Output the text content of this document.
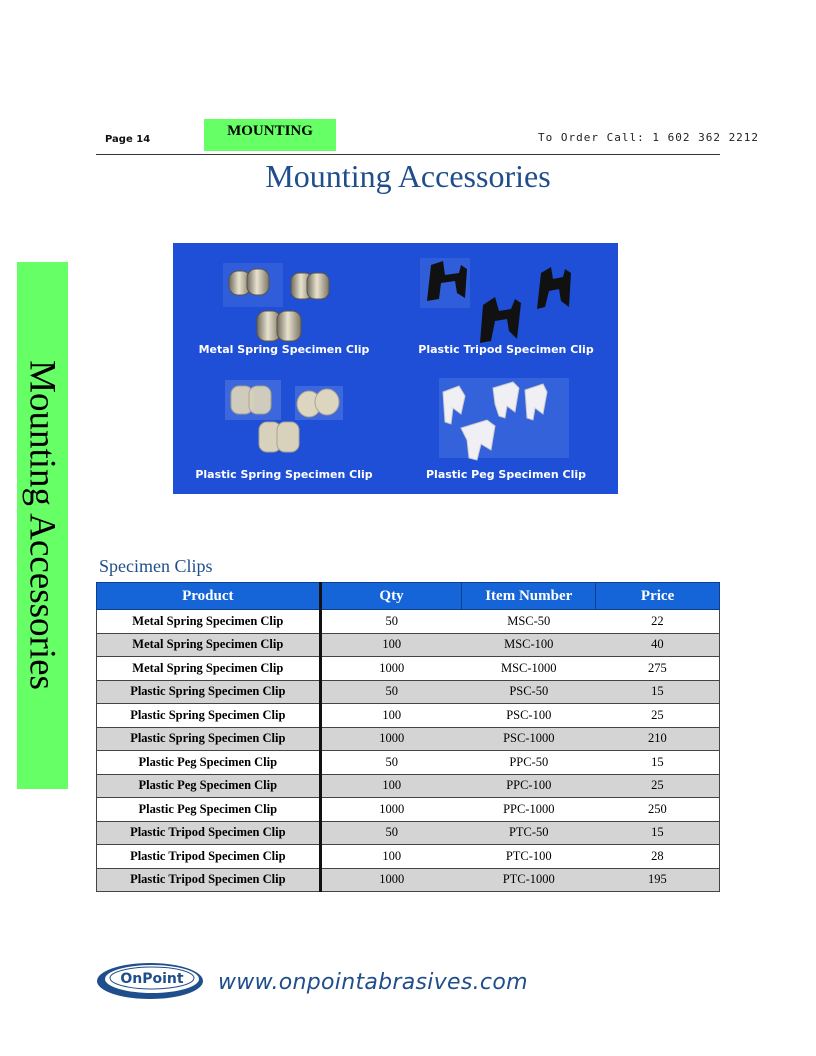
Page 14
MOUNTING	To Order Call: 1 602 362 2212
Mounting Accessories
Mounting Accessories
Metal Spring Specimen Clip	Plastic Tripod Specimen Clip
Plastic Spring Specimen Clip	Plastic Peg Specimen Clip
Specimen Clips
Product	Qty	Item Number	Price
Metal Spring Specimen Clip	50	MSC-50	22
Metal Spring Specimen Clip	100	MSC-100	40
Metal Spring Specimen Clip	1000	MSC-1000	275
Plastic Spring Specimen Clip	50	PSC-50	15
Plastic Spring Specimen Clip	100	PSC-100	25
Plastic Spring Specimen Clip	1000	PSC-1000	210
Plastic Peg Specimen Clip	50	PPC-50	15
Plastic Peg Specimen Clip	100	PPC-100	25
Plastic Peg Specimen Clip	1000	PPC-1000	250
Plastic Tripod Specimen Clip	50	PTC-50	15
Plastic Tripod Specimen Clip	100	PTC-100	28
Plastic Tripod Specimen Clip	1000	PTC-1000	195
OnPoint www.onpointabrasives.com
